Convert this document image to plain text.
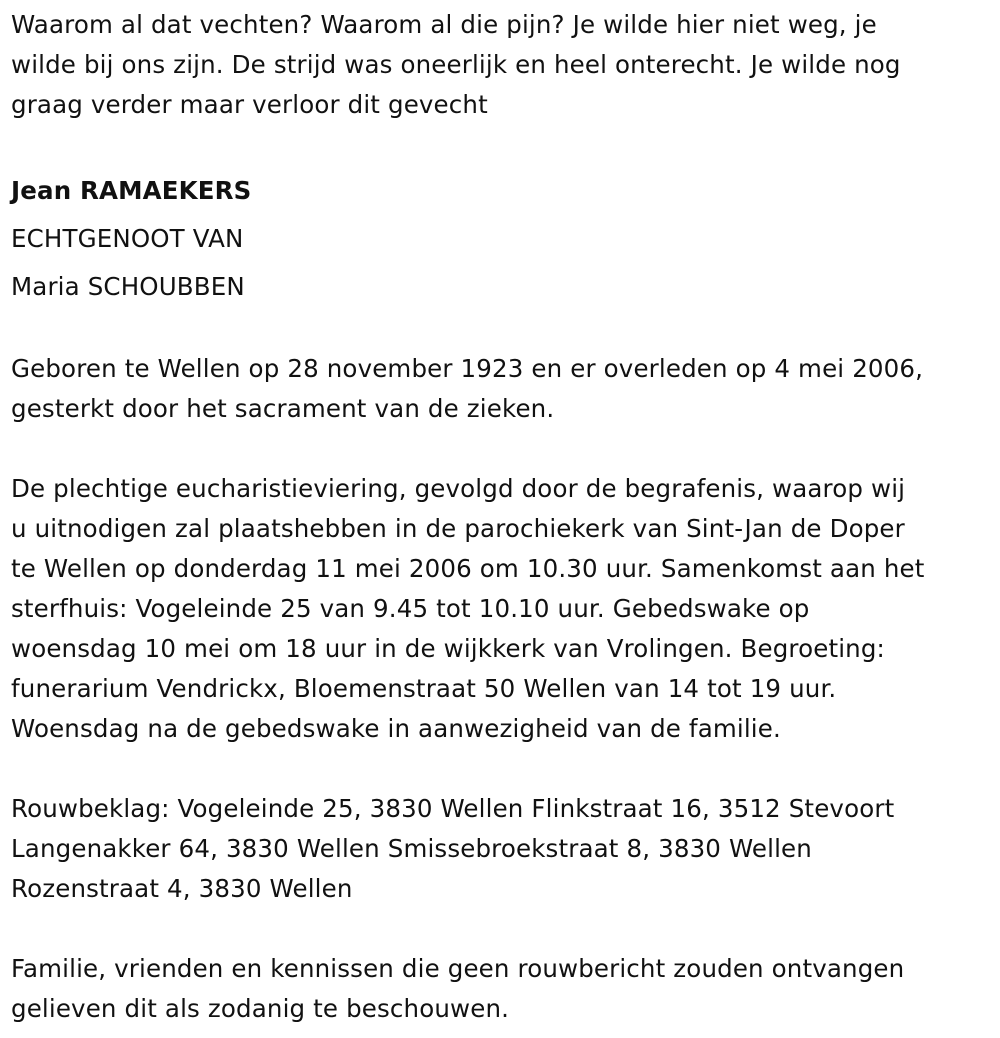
Waarom al dat vechten? Waarom al die pijn? Je wilde hier niet weg, je
wilde bij ons zijn. De strijd was oneerlijk en heel onterecht. Je wilde nog
graag verder maar verloor dit gevecht
Jean RAMAEKERS
ECHTGENOOT VAN
Maria SCHOUBBEN
Geboren te Wellen op 28 november 1923 en er overleden op 4 mei 2006,
gesterkt door het sacrament van de zieken.
De plechtige eucharistieviering, gevolgd door de begrafenis, waarop wij
u uitnodigen zal plaatshebben in de parochiekerk van Sint-Jan de Doper
te Wellen op donderdag 11 mei 2006 om 10.30 uur. Samenkomst aan het
sterfhuis: Vogeleinde 25 van 9.45 tot 10.10 uur. Gebedswake op
woensdag 10 mei om 18 uur in de wijkkerk van Vrolingen. Begroeting:
funerarium Vendrickx, Bloemenstraat 50 Wellen van 14 tot 19 uur.
Woensdag na de gebedswake in aanwezigheid van de familie.
Rouwbeklag: Vogeleinde 25, 3830 Wellen Flinkstraat 16, 3512 Stevoort
Langenakker 64, 3830 Wellen Smissebroekstraat 8, 3830 Wellen
Rozenstraat 4, 3830 Wellen
Familie, vrienden en kennissen die geen rouwbericht zouden ontvangen
gelieven dit als zodanig te beschouwen.
